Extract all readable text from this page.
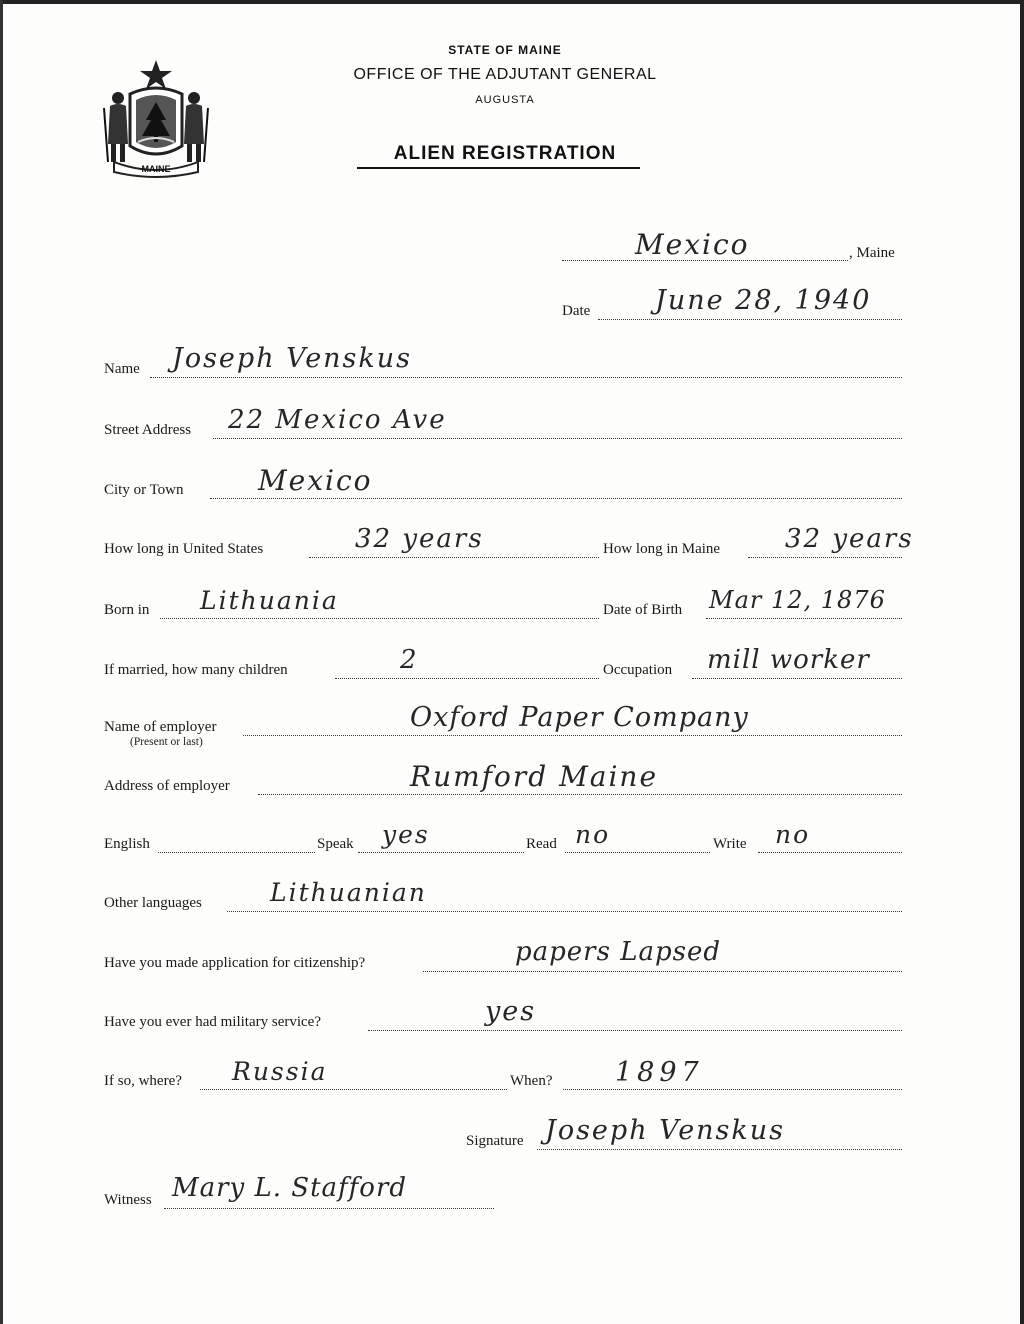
MAINE
STATE OF MAINE
OFFICE OF THE ADJUTANT GENERAL
AUGUSTA
ALIEN REGISTRATION
Mexico	, Maine
Date June 28, 1940
Name Joseph Venskus
Street Address 22 Mexico Ave
City or Town	Mexico
How long in United States	32 years	How long in Maine 32 years
Born in Lithuania	Date of Birth Mar 12, 1876
If married, how many children	2	Occupation mill worker
Name of employer
(Present or last)
Oxford Paper Company
Address of employer	Rumford Maine
English	Speak yes	Read no	Write no
Other languages	Lithuanian
Have you made application for citizenship?	papers Lapsed
Have you ever had military service?	yes
If so, where? Russia	When? 1897
Signature Joseph Venskus
Witness Mary L. Stafford
